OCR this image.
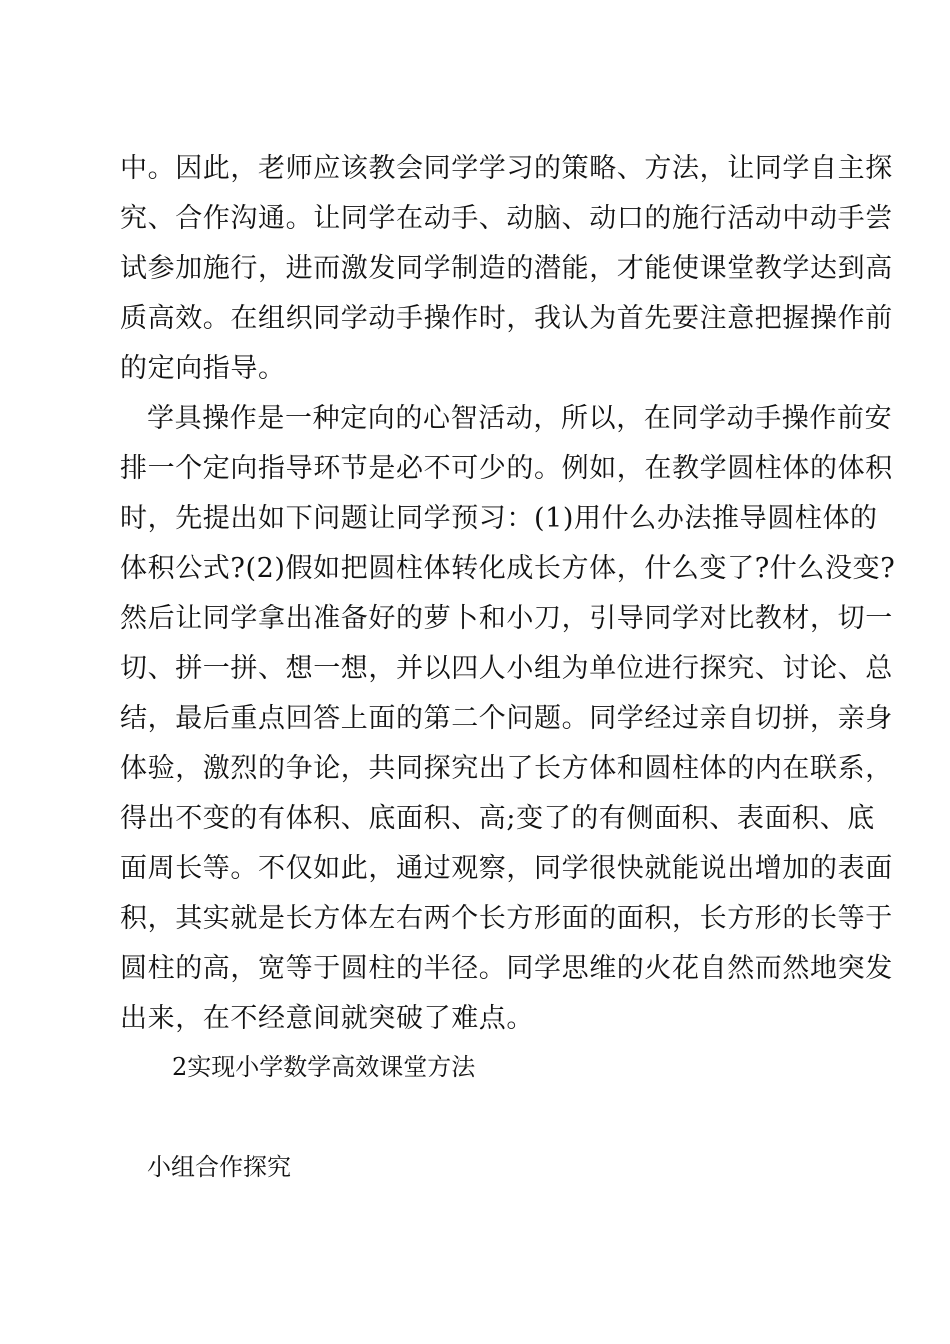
中。因此，老师应该教会同学学习的策略、方法，让同学自主探
究、合作沟通。让同学在动手、动脑、动口的施行活动中动手尝
试参加施行，进而激发同学制造的潜能，才能使课堂教学达到高
质高效。在组织同学动手操作时，我认为首先要注意把握操作前
的定向指导。
学具操作是一种定向的心智活动，所以，在同学动手操作前安
排一个定向指导环节是必不可少的。例如，在教学圆柱体的体积
时，先提出如下问题让同学预习：(1)用什么办法推导圆柱体的
体积公式?(2)假如把圆柱体转化成长方体，什么变了?什么没变?
然后让同学拿出准备好的萝卜和小刀，引导同学对比教材，切一
切、拼一拼、想一想，并以四人小组为单位进行探究、讨论、总
结，最后重点回答上面的第二个问题。同学经过亲自切拼，亲身
体验，激烈的争论，共同探究出了长方体和圆柱体的内在联系，
得出不变的有体积、底面积、高;变了的有侧面积、表面积、底
面周长等。不仅如此，通过观察，同学很快就能说出增加的表面
积，其实就是长方体左右两个长方形面的面积，长方形的长等于
圆柱的高，宽等于圆柱的半径。同学思维的火花自然而然地突发
出来，在不经意间就突破了难点。
2实现小学数学高效课堂方法
小组合作探究
